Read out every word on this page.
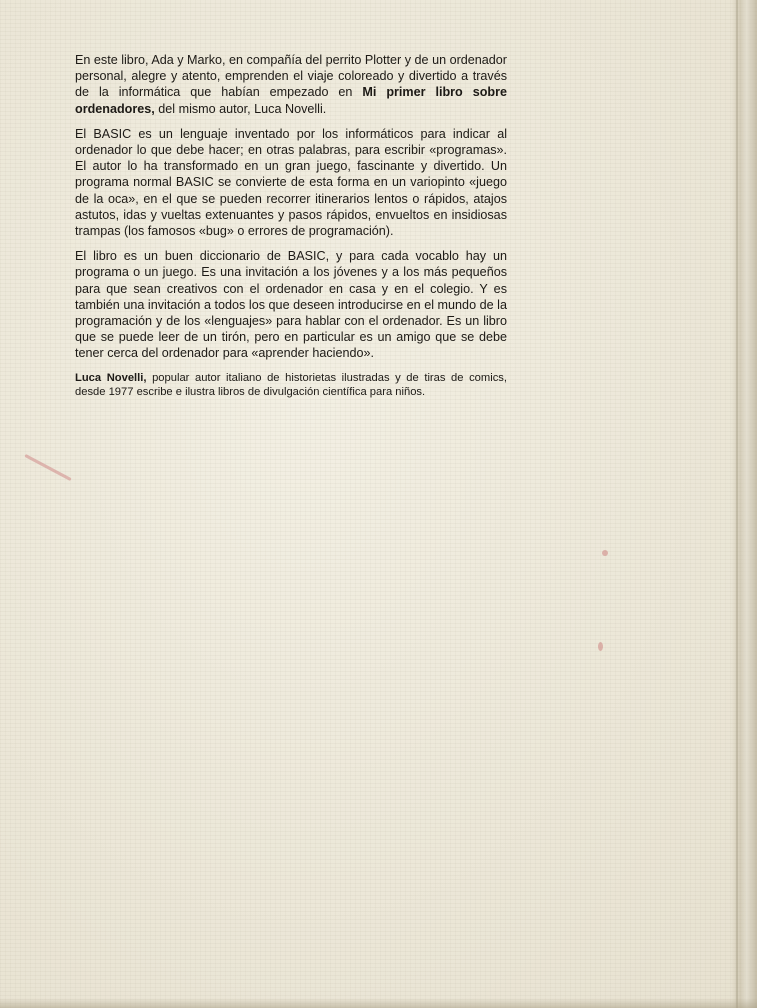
En este libro, Ada y Marko, en compañía del perrito Plotter y de un ordenador personal, alegre y atento, emprenden el viaje coloreado y divertido a través de la informática que habían empezado en Mi primer libro sobre ordenadores, del mismo autor, Luca Novelli.

El BASIC es un lenguaje inventado por los informáticos para indicar al ordenador lo que debe hacer; en otras palabras, para escribir «programas». El autor lo ha transformado en un gran juego, fascinante y divertido. Un programa normal BASIC se convierte de esta forma en un variopinto «juego de la oca», en el que se pueden recorrer itinerarios lentos o rápidos, atajos astutos, idas y vueltas extenuantes y pasos rápidos, envueltos en insidiosas trampas (los famosos «bug» o errores de programación).

El libro es un buen diccionario de BASIC, y para cada vocablo hay un programa o un juego. Es una invitación a los jóvenes y a los más pequeños para que sean creativos con el ordenador en casa y en el colegio. Y es también una invitación a todos los que deseen introducirse en el mundo de la programación y de los «lenguajes» para hablar con el ordenador. Es un libro que se puede leer de un tirón, pero en particular es un amigo que se debe tener cerca del ordenador para «aprender haciendo».

Luca Novelli, popular autor italiano de historietas ilustradas y de tiras de comics, desde 1977 escribe e ilustra libros de divulgación científica para niños.
